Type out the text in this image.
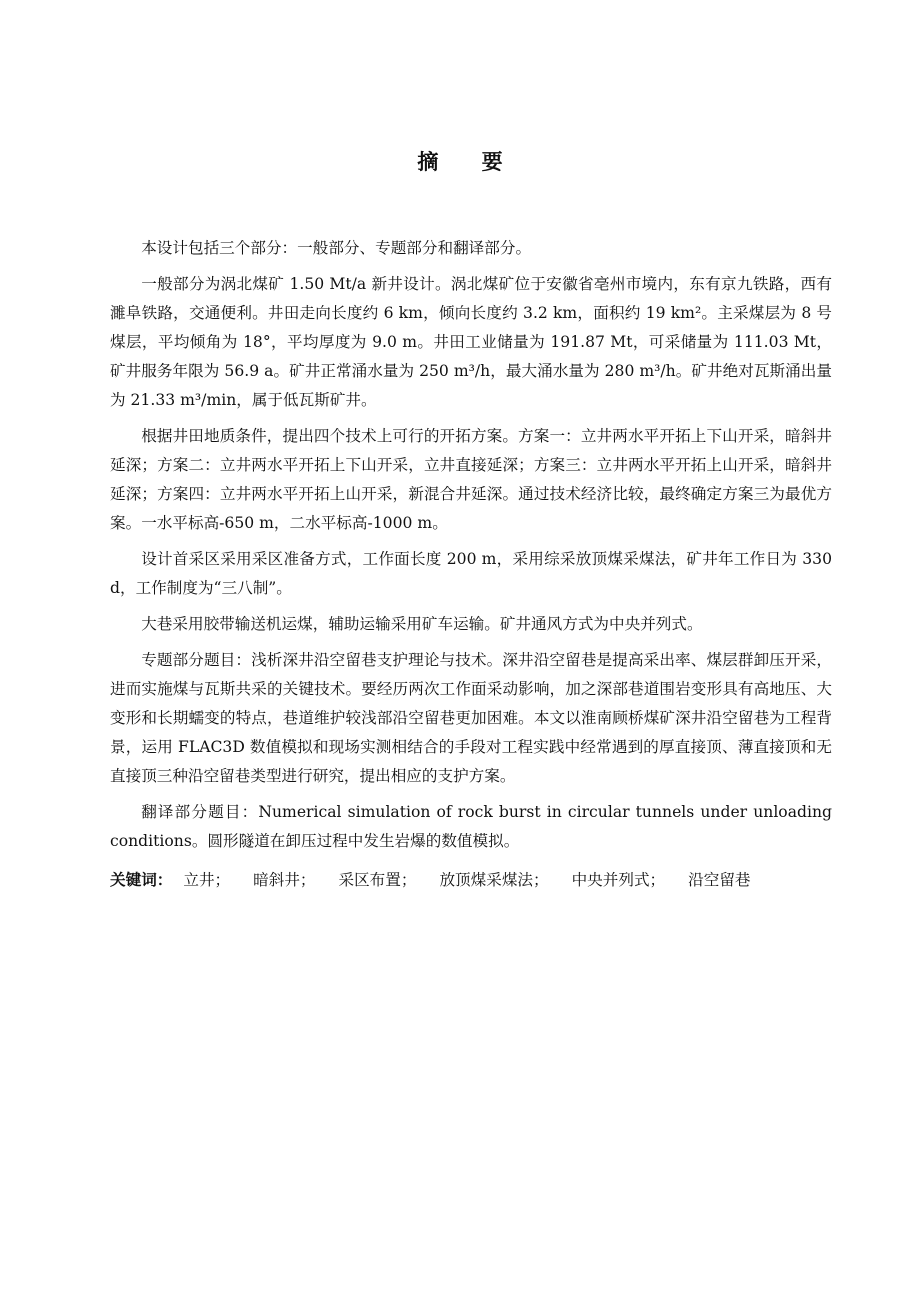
摘 要

本设计包括三个部分：一般部分、专题部分和翻译部分。

一般部分为涡北煤矿 1.50 Mt/a 新井设计。涡北煤矿位于安徽省亳州市境内，东有京九铁路，西有濉阜铁路，交通便利。井田走向长度约 6 km，倾向长度约 3.2 km，面积约 19 km²。主采煤层为 8 号煤层，平均倾角为 18°，平均厚度为 9.0 m。井田工业储量为 191.87 Mt，可采储量为 111.03 Mt，矿井服务年限为 56.9 a。矿井正常涌水量为 250 m³/h，最大涌水量为 280 m³/h。矿井绝对瓦斯涌出量为 21.33 m³/min，属于低瓦斯矿井。

根据井田地质条件，提出四个技术上可行的开拓方案。方案一：立井两水平开拓上下山开采，暗斜井延深；方案二：立井两水平开拓上下山开采，立井直接延深；方案三：立井两水平开拓上山开采，暗斜井延深；方案四：立井两水平开拓上山开采，新混合井延深。通过技术经济比较，最终确定方案三为最优方案。一水平标高-650 m，二水平标高-1000 m。

设计首采区采用采区准备方式，工作面长度 200 m，采用综采放顶煤采煤法，矿井年工作日为 330 d，工作制度为“三八制”。

大巷采用胶带输送机运煤，辅助运输采用矿车运输。矿井通风方式为中央并列式。

专题部分题目：浅析深井沿空留巷支护理论与技术。深井沿空留巷是提高采出率、煤层群卸压开采，进而实施煤与瓦斯共采的关键技术。要经历两次工作面采动影响，加之深部巷道围岩变形具有高地压、大变形和长期蠕变的特点，巷道维护较浅部沿空留巷更加困难。本文以淮南顾桥煤矿深井沿空留巷为工程背景，运用 FLAC3D 数值模拟和现场实测相结合的手段对工程实践中经常遇到的厚直接顶、薄直接顶和无直接顶三种沿空留巷类型进行研究，提出相应的支护方案。

翻译部分题目：Numerical simulation of rock burst in circular tunnels under unloading conditions。圆形隧道在卸压过程中发生岩爆的数值模拟。

关键词： 立井； 暗斜井； 采区布置； 放顶煤采煤法； 中央并列式； 沿空留巷
